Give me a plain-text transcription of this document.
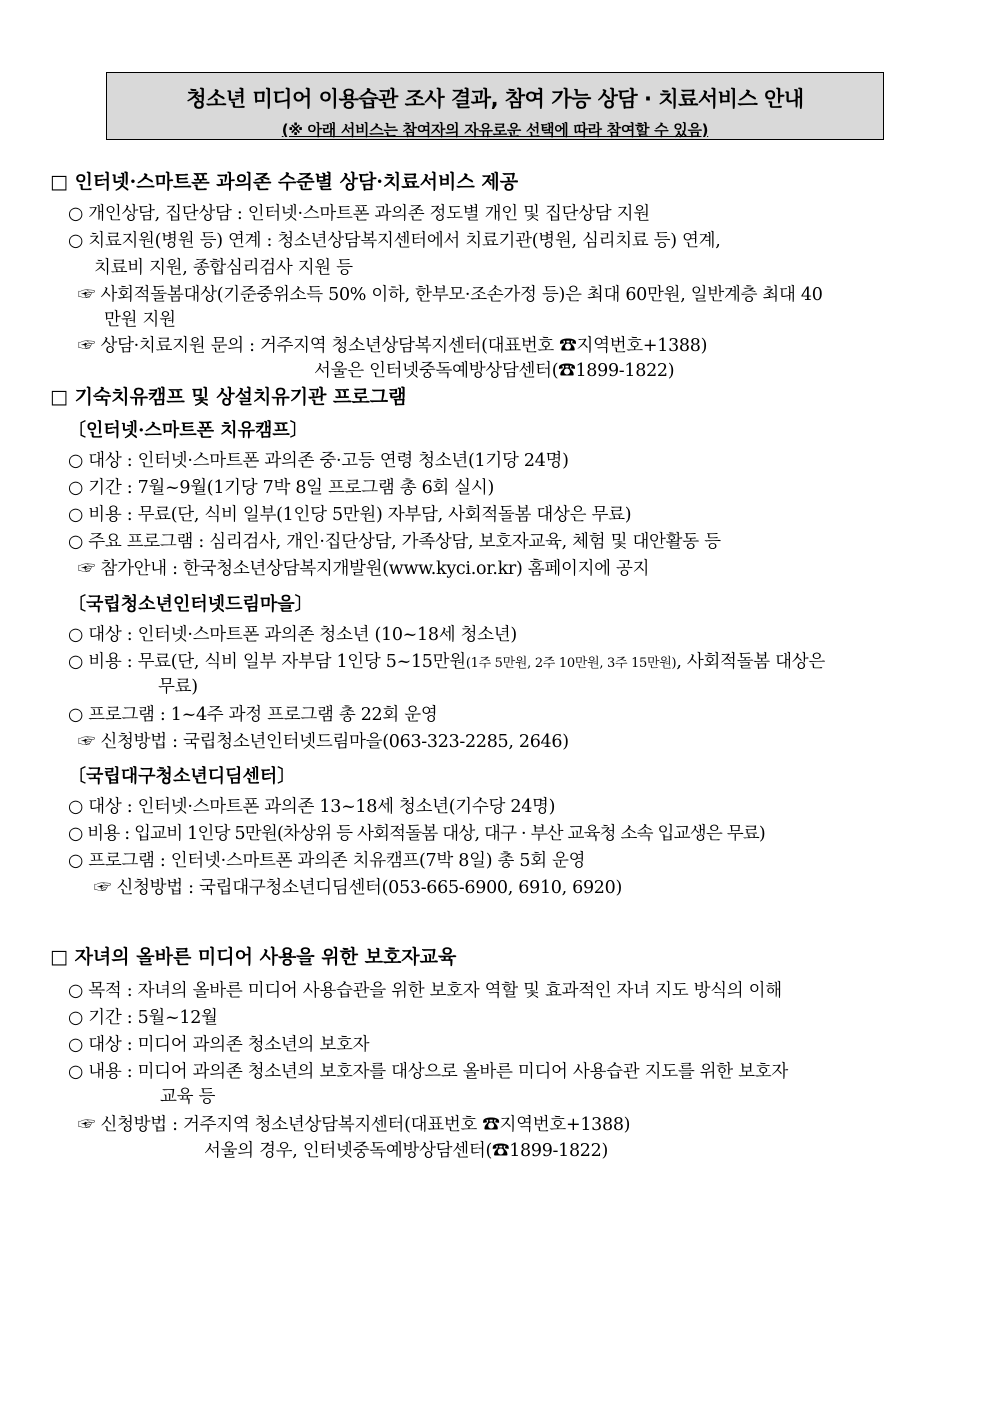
청소년 미디어 이용습관 조사 결과, 참여 가능 상담 · 치료서비스 안내
(※ 아래 서비스는 참여자의 자유로운 선택에 따라 참여할 수 있음)
□ 인터넷·스마트폰 과의존 수준별 상담·치료서비스 제공
○ 개인상담, 집단상담 : 인터넷·스마트폰 과의존 정도별 개인 및 집단상담 지원
○ 치료지원(병원 등) 연계 : 청소년상담복지센터에서 치료기관(병원, 심리치료 등) 연계,
치료비 지원, 종합심리검사 지원 등
☞ 사회적돌봄대상(기준중위소득 50% 이하, 한부모·조손가정 등)은 최대 60만원, 일반계층 최대 40
만원 지원
☞ 상담·치료지원 문의 : 거주지역 청소년상담복지센터(대표번호 ☎지역번호+1388)
서울은 인터넷중독예방상담센터(☎1899-1822)
□ 기숙치유캠프 및 상설치유기관 프로그램
〔인터넷·스마트폰 치유캠프〕
○ 대상 : 인터넷·스마트폰 과의존 중·고등 연령 청소년(1기당 24명)
○ 기간 : 7월~9월(1기당 7박 8일 프로그램 총 6회 실시)
○ 비용 : 무료(단, 식비 일부(1인당 5만원) 자부담, 사회적돌봄 대상은 무료)
○ 주요 프로그램 : 심리검사, 개인·집단상담, 가족상담, 보호자교육, 체험 및 대안활동 등
☞ 참가안내 : 한국청소년상담복지개발원(www.kyci.or.kr) 홈페이지에 공지
〔국립청소년인터넷드림마을〕
○ 대상 : 인터넷·스마트폰 과의존 청소년 (10~18세 청소년)
○ 비용 : 무료(단, 식비 일부 자부담 1인당 5~15만원(1주 5만원, 2주 10만원, 3주 15만원), 사회적돌봄 대상은
무료)
○ 프로그램 : 1~4주 과정 프로그램 총 22회 운영
☞ 신청방법 : 국립청소년인터넷드림마을(063-323-2285, 2646)
〔국립대구청소년디딤센터〕
○ 대상 : 인터넷·스마트폰 과의존 13~18세 청소년(기수당 24명)
○ 비용 : 입교비 1인당 5만원(차상위 등 사회적돌봄 대상, 대구 · 부산 교육청 소속 입교생은 무료)
○ 프로그램 : 인터넷·스마트폰 과의존 치유캠프(7박 8일) 총 5회 운영
☞ 신청방법 : 국립대구청소년디딤센터(053-665-6900, 6910, 6920)
□ 자녀의 올바른 미디어 사용을 위한 보호자교육
○ 목적 : 자녀의 올바른 미디어 사용습관을 위한 보호자 역할 및 효과적인 자녀 지도 방식의 이해
○ 기간 : 5월~12월
○ 대상 : 미디어 과의존 청소년의 보호자
○ 내용 : 미디어 과의존 청소년의 보호자를 대상으로 올바른 미디어 사용습관 지도를 위한 보호자
교육 등
☞ 신청방법 : 거주지역 청소년상담복지센터(대표번호 ☎지역번호+1388)
서울의 경우, 인터넷중독예방상담센터(☎1899-1822)
